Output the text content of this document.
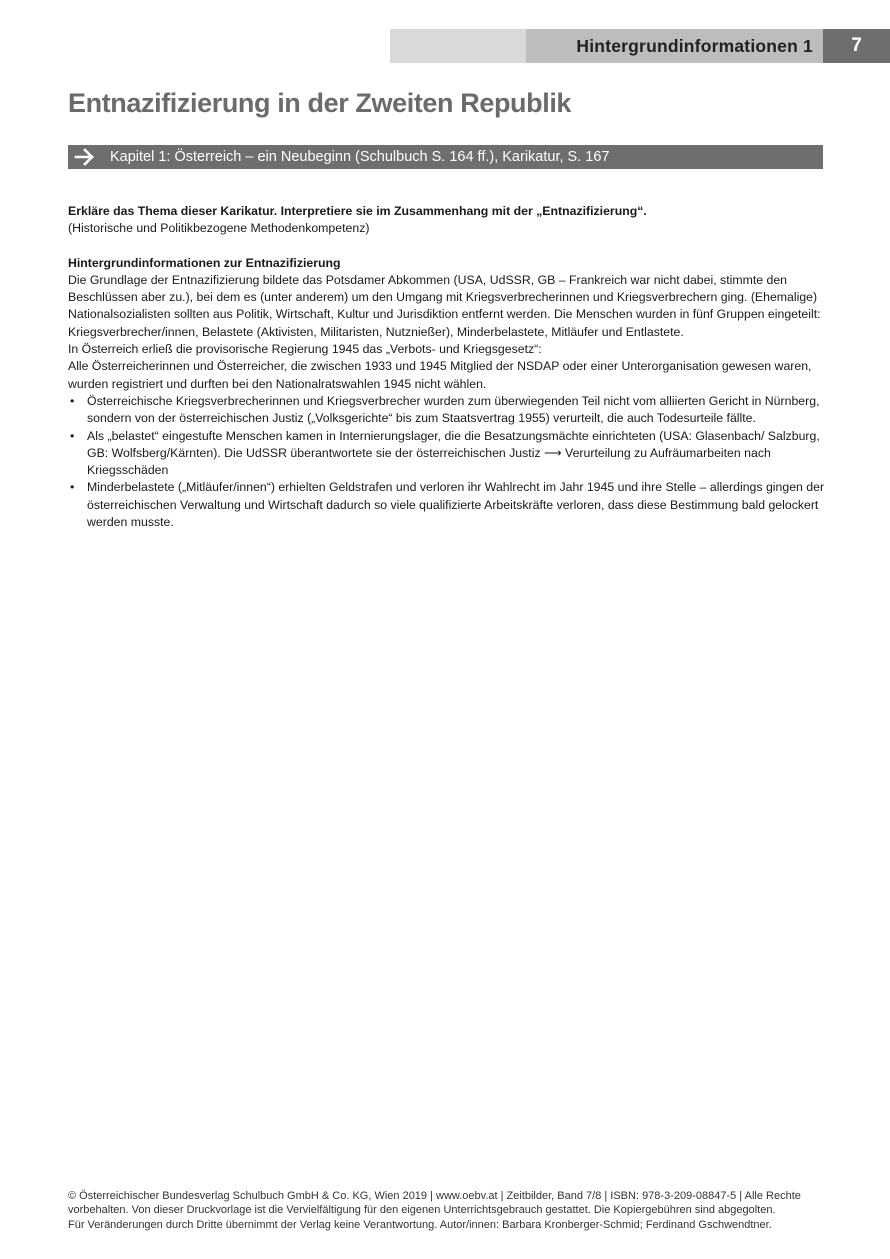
Hintergrundinformationen 1 7
Entnazifizierung in der Zweiten Republik
Kapitel 1: Österreich – ein Neubeginn (Schulbuch S. 164 ff.), Karikatur, S. 167

Erkläre das Thema dieser Karikatur. Interpretiere sie im Zusammenhang mit der „Entnazifizierung“.

(Historische und Politikbezogene Methodenkompetenz)

Hintergrundinformationen zur Entnazifizierung

Die Grundlage der Entnazifizierung bildete das Potsdamer Abkommen (USA, UdSSR, GB – Frankreich war nicht dabei, stimmte den Beschlüssen aber zu.), bei dem es (unter anderem) um den Umgang mit Kriegsverbrecherinnen und Kriegsverbrechern ging. (Ehemalige) Nationalsozialisten sollten aus Politik, Wirtschaft, Kultur und Jurisdiktion entfernt werden. Die Menschen wurden in fünf Gruppen eingeteilt: Kriegsverbrecher/innen, Belastete (Aktivisten, Militaristen, Nutznießer), Minderbelastete, Mitläufer und Entlastete.

In Österreich erließ die provisorische Regierung 1945 das „Verbots- und Kriegsgesetz“:

Alle Österreicherinnen und Österreicher, die zwischen 1933 und 1945 Mitglied der NSDAP oder einer Unterorganisation gewesen waren, wurden registriert und durften bei den Nationalratswahlen 1945 nicht wählen.

• Österreichische Kriegsverbrecherinnen und Kriegsverbrecher wurden zum überwiegenden Teil nicht vom alliierten Gericht in Nürnberg, sondern von der österreichischen Justiz („Volksgerichte“ bis zum Staatsvertrag 1955) verurteilt, die auch Todesurteile fällte.
• Als „belastet“ eingestufte Menschen kamen in Internierungslager, die die Besatzungsmächte einrichteten (USA: Glasenbach/ Salzburg, GB: Wolfsberg/Kärnten). Die UdSSR überantwortete sie der österreichischen Justiz ⟶ Verurteilung zu Aufräumarbeiten nach Kriegsschäden
• Minderbelastete („Mitläufer/innen“) erhielten Geldstrafen und verloren ihr Wahlrecht im Jahr 1945 und ihre Stelle – allerdings gingen der österreichischen Verwaltung und Wirtschaft dadurch so viele qualifizierte Arbeitskräfte verloren, dass diese Bestimmung bald gelockert werden musste.

© Österreichischer Bundesverlag Schulbuch GmbH & Co. KG, Wien 2019 | www.oebv.at | Zeitbilder, Band 7/8 | ISBN: 978-3-209-08847-5 | Alle Rechte

vorbehalten. Von dieser Druckvorlage ist die Vervielfältigung für den eigenen Unterrichtsgebrauch gestattet. Die Kopiergebühren sind abgegolten.

Für Veränderungen durch Dritte übernimmt der Verlag keine Verantwortung. Autor/innen: Barbara Kronberger-Schmid; Ferdinand Gschwendtner.
